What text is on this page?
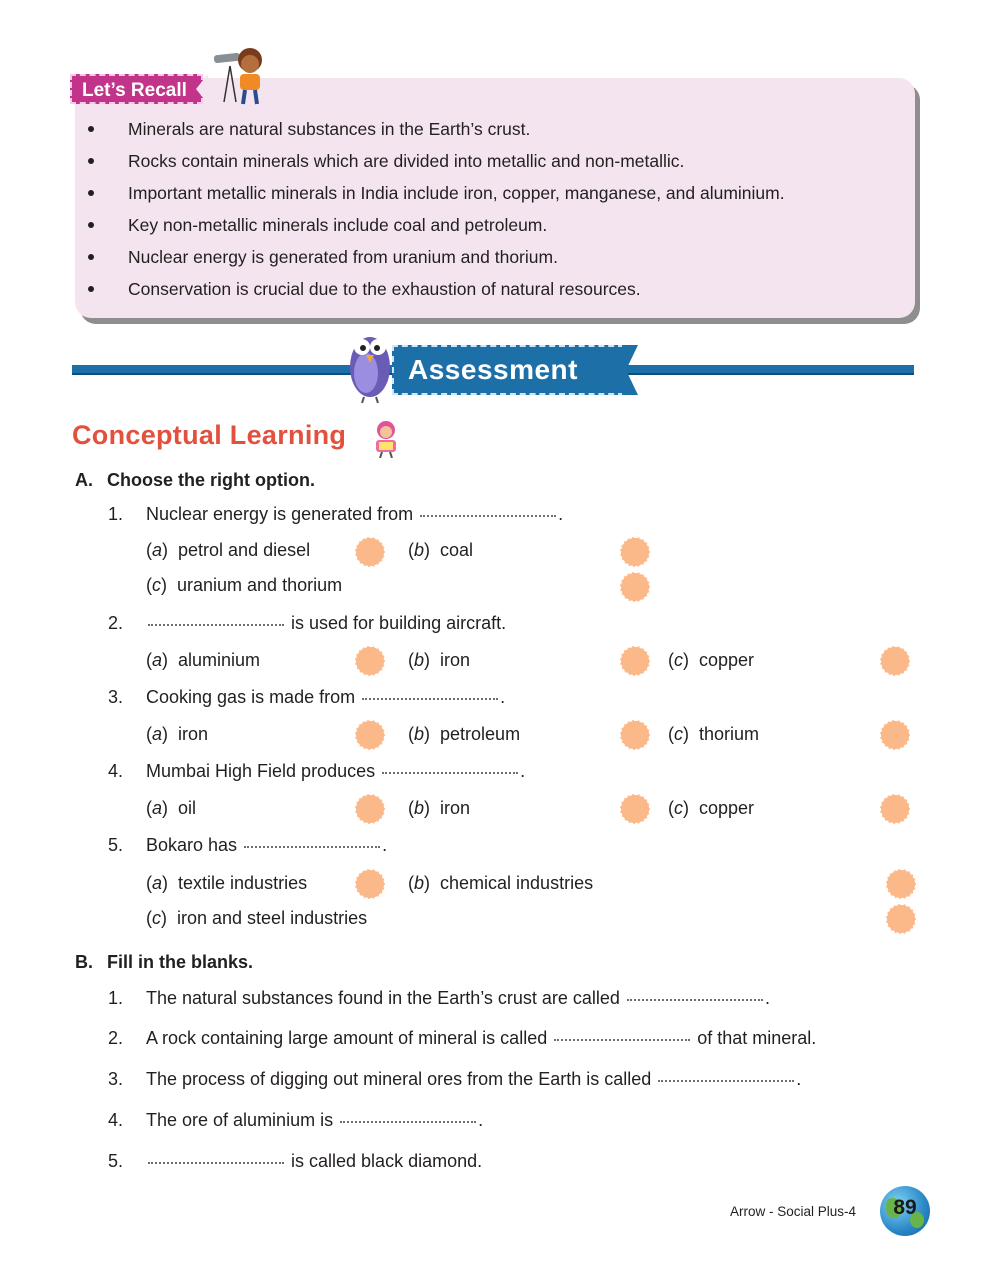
Let’s Recall
Minerals are natural substances in the Earth’s crust.
Rocks contain minerals which are divided into metallic and non-metallic.
Important metallic minerals in India include iron, copper, manganese, and aluminium.
Key non-metallic minerals include coal and petroleum.
Nuclear energy is generated from uranium and thorium.
Conservation is crucial due to the exhaustion of natural resources.
Assessment
Conceptual Learning
A. Choose the right option.
1. Nuclear energy is generated from	.
(a)  petrol and diesel	(b)  coal
(c)  uranium and thorium
2.	is used for building aircraft.
(a)  aluminium	(b)  iron	(c)  copper
3. Cooking gas is made from	.
(a)  iron	(b)  petroleum	(c)  thorium
4. Mumbai High Field produces	.
(a)  oil	(b)  iron	(c)  copper
5. Bokaro has	.
(a)  textile industries	(b)  chemical industries
(c)  iron and steel industries
B. Fill in the blanks.
1. The natural substances found in the Earth’s crust are called	.
2. A rock containing large amount of mineral is called	of that mineral.
3. The process of digging out mineral ores from the Earth is called	.
4. The ore of aluminium is	.
5.	is called black diamond.
Arrow - Social Plus-4	89
